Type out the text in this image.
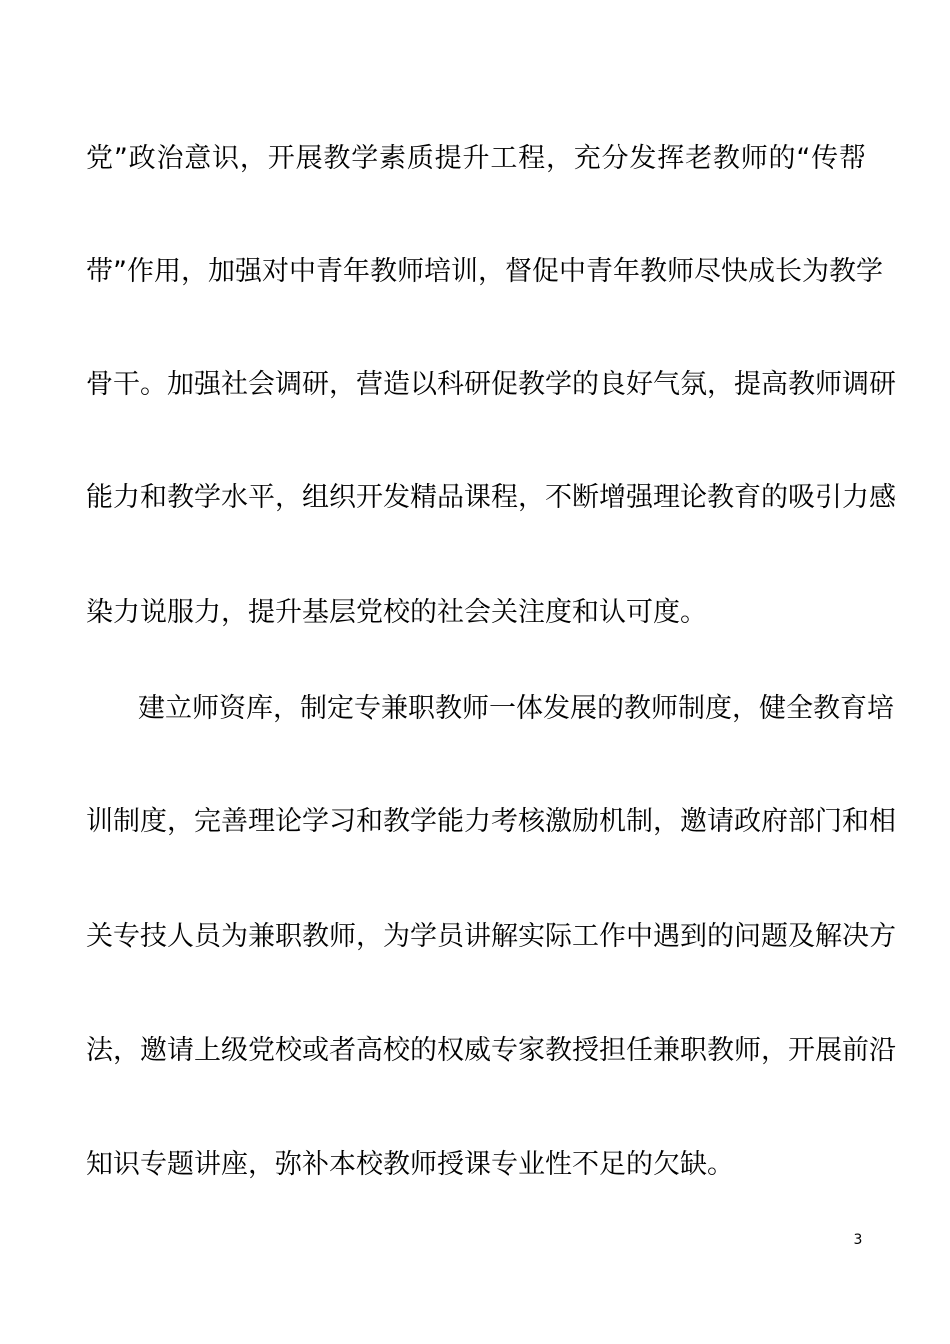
党”政治意识，开展教学素质提升工程，充分发挥老教师的“传帮
带”作用，加强对中青年教师培训，督促中青年教师尽快成长为教学
骨干。加强社会调研，营造以科研促教学的良好气氛，提高教师调研
能力和教学水平，组织开发精品课程，不断增强理论教育的吸引力感
染力说服力，提升基层党校的社会关注度和认可度。
建立师资库，制定专兼职教师一体发展的教师制度，健全教育培
训制度，完善理论学习和教学能力考核激励机制，邀请政府部门和相
关专技人员为兼职教师，为学员讲解实际工作中遇到的问题及解决方
法，邀请上级党校或者高校的权威专家教授担任兼职教师，开展前沿
知识专题讲座，弥补本校教师授课专业性不足的欠缺。
3
